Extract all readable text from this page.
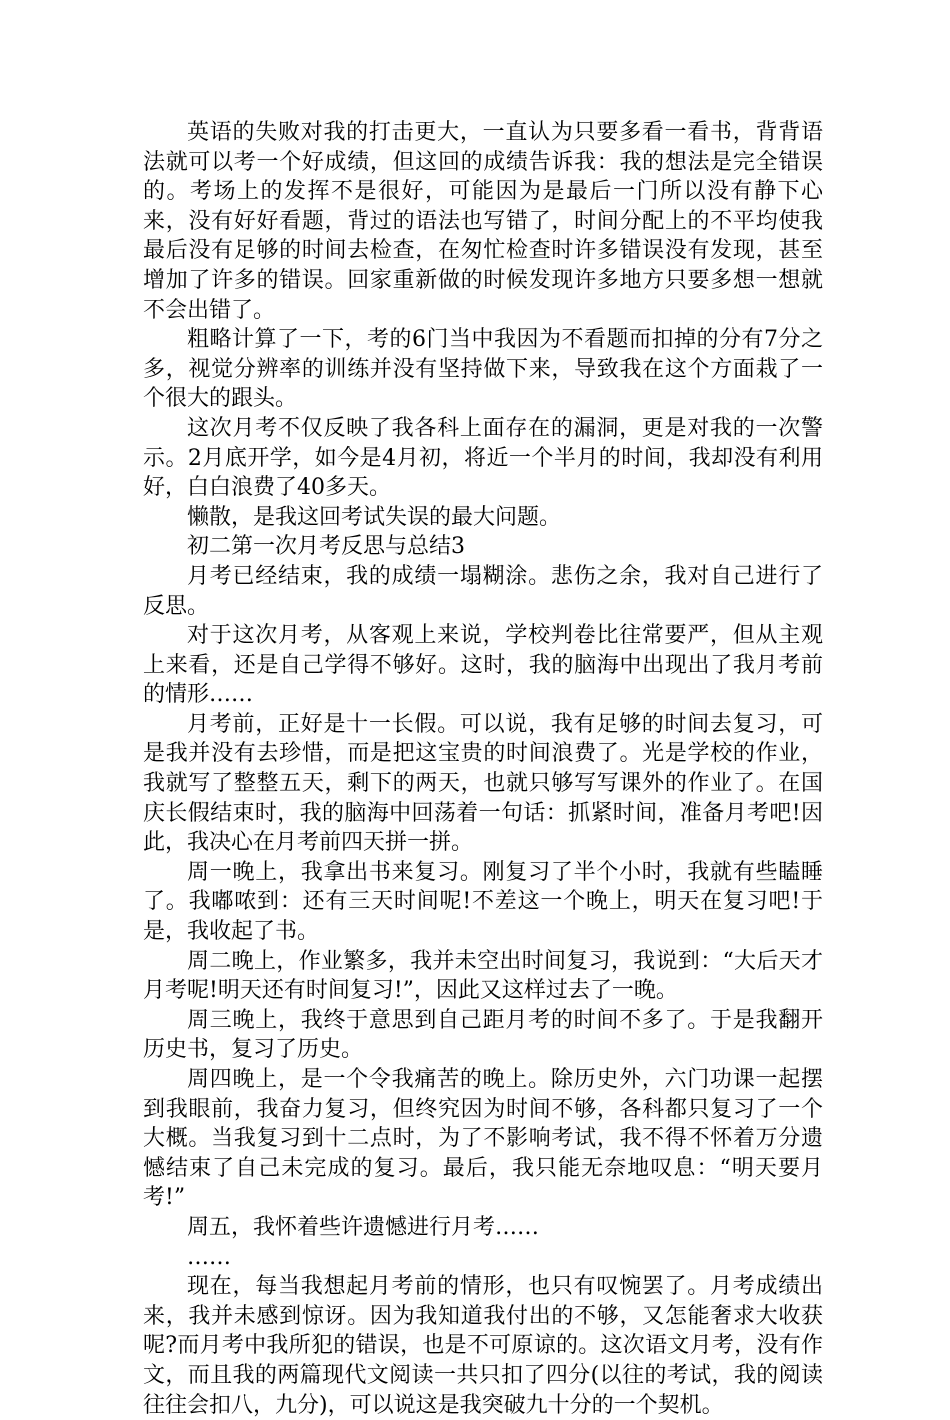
英语的失败对我的打击更大，一直认为只要多看一看书，背背语法就可以考一个好成绩，但这回的成绩告诉我：我的想法是完全错误的。考场上的发挥不是很好，可能因为是最后一门所以没有静下心来，没有好好看题，背过的语法也写错了，时间分配上的不平均使我最后没有足够的时间去检查，在匆忙检查时许多错误没有发现，甚至增加了许多的错误。回家重新做的时候发现许多地方只要多想一想就不会出错了。

粗略计算了一下，考的6门当中我因为不看题而扣掉的分有7分之多，视觉分辨率的训练并没有坚持做下来，导致我在这个方面栽了一个很大的跟头。

这次月考不仅反映了我各科上面存在的漏洞，更是对我的一次警示。2月底开学，如今是4月初，将近一个半月的时间，我却没有利用好，白白浪费了40多天。

懒散，是我这回考试失误的最大问题。

初二第一次月考反思与总结3

月考已经结束，我的成绩一塌糊涂。悲伤之余，我对自己进行了反思。

对于这次月考，从客观上来说，学校判卷比往常要严，但从主观上来看，还是自己学得不够好。这时，我的脑海中出现出了我月考前的情形……

月考前，正好是十一长假。可以说，我有足够的时间去复习，可是我并没有去珍惜，而是把这宝贵的时间浪费了。光是学校的作业，我就写了整整五天，剩下的两天，也就只够写写课外的作业了。在国庆长假结束时，我的脑海中回荡着一句话：抓紧时间，准备月考吧!因此，我决心在月考前四天拼一拼。

周一晚上，我拿出书来复习。刚复习了半个小时，我就有些瞌睡了。我嘟哝到：还有三天时间呢!不差这一个晚上，明天在复习吧!于是，我收起了书。

周二晚上，作业繁多，我并未空出时间复习，我说到：“大后天才月考呢!明天还有时间复习!”，因此又这样过去了一晚。

周三晚上，我终于意思到自己距月考的时间不多了。于是我翻开历史书，复习了历史。

周四晚上，是一个令我痛苦的晚上。除历史外，六门功课一起摆到我眼前，我奋力复习，但终究因为时间不够，各科都只复习了一个大概。当我复习到十二点时，为了不影响考试，我不得不怀着万分遗憾结束了自己未完成的复习。最后，我只能无奈地叹息：“明天要月考!”

周五，我怀着些许遗憾进行月考……

……

现在，每当我想起月考前的情形，也只有叹惋罢了。月考成绩出来，我并未感到惊讶。因为我知道我付出的不够，又怎能奢求大收获呢?而月考中我所犯的错误，也是不可原谅的。这次语文月考，没有作文，而且我的两篇现代文阅读一共只扣了四分(以往的考试，我的阅读往往会扣八，九分)，可以说这是我突破九十分的一个契机。
